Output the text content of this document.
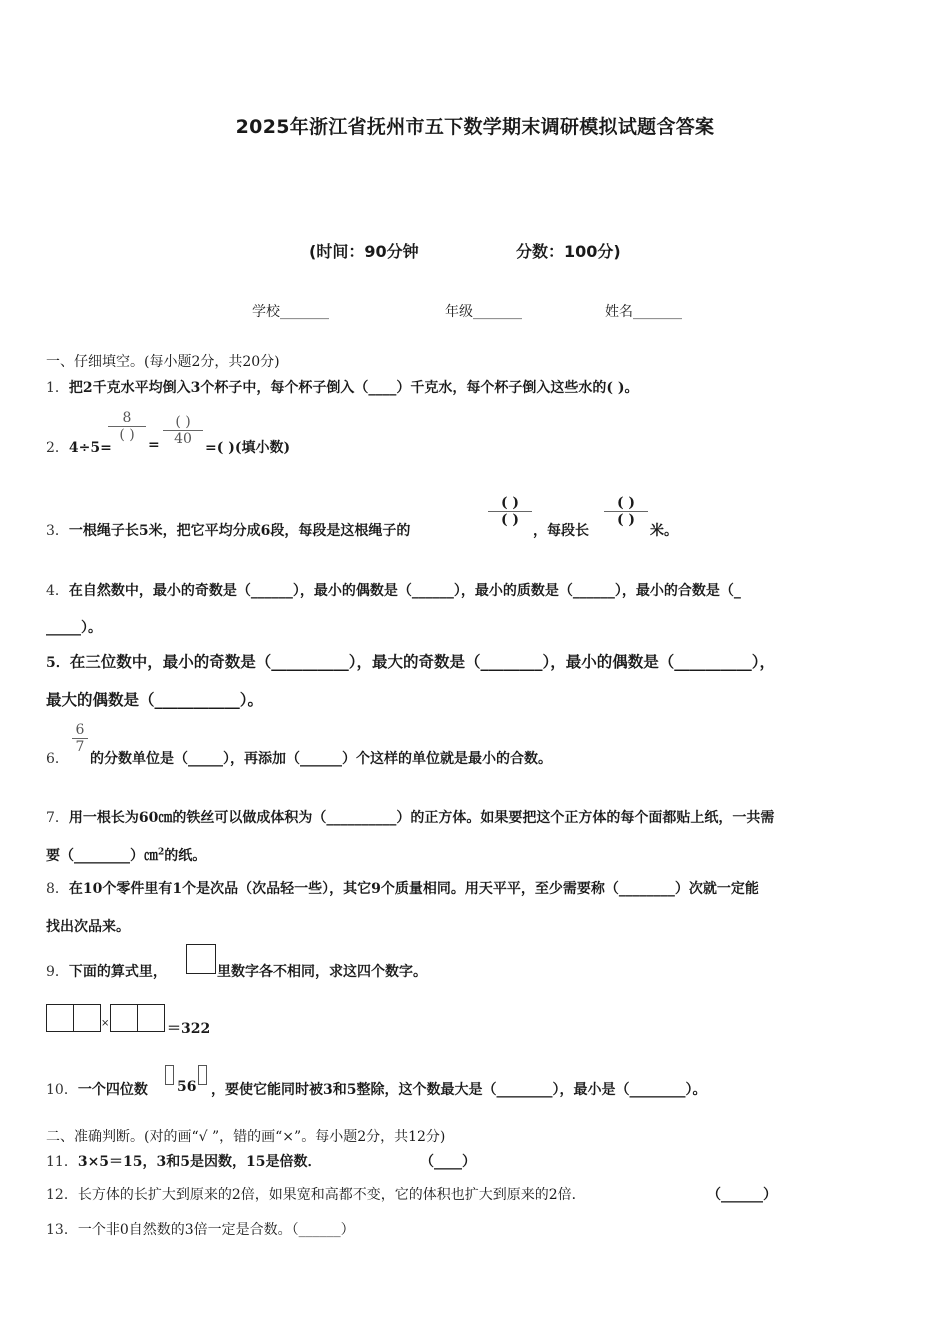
2025年浙江省抚州市五下数学期末调研模拟试题含答案
(时间：90分钟	分数：100分)
学校_______	年级_______	姓名_______
一、仔细填空。(每小题2分，共20分)
1．把2千克水平均倒入3个杯子中，每个杯子倒入（____）千克水，每个杯子倒入这些水的( )。
2．4÷5=
8
( )
=
( )
40
=( )(填小数)
3．一根绳子长5米，把它平均分成6段，每段是这根绳子的
( )
( )
，每段长
( )
( )
米。
4．在自然数中，最小的奇数是（______），最小的偶数是（______），最小的质数是（______），最小的合数是（_
_____）。
5．在三位数中，最小的奇数是（__________），最大的奇数是（________），最小的偶数是（__________），
最大的偶数是（___________）。
6．
6
7
的分数单位是（_____），再添加（______）个这样的单位就是最小的合数。
7．用一根长为60㎝的铁丝可以做成体积为（__________）的正方体。如果要把这个正方体的每个面都贴上纸，一共需
要（________）㎝$^2$的纸。
8．在10个零件里有1个是次品（次品轻一些），其它9个质量相同。用天平平，至少需要称（________）次就一定能
找出次品来。
9．下面的算式里，	里数字各不相同，求这四个数字。
×	＝322
10．一个四位数 56 ，要使它能同时被3和5整除，这个数最大是（________），最小是（________）。
二、准确判断。(对的画“√ ”，错的画“×”。每小题2分，共12分)
11．3×5＝15，3和5是因数，15是倍数．	（____）
12．长方体的长扩大到原来的2倍，如果宽和高都不变，它的体积也扩大到原来的2倍．	（______）
13．一个非0自然数的3倍一定是合数。（______）
